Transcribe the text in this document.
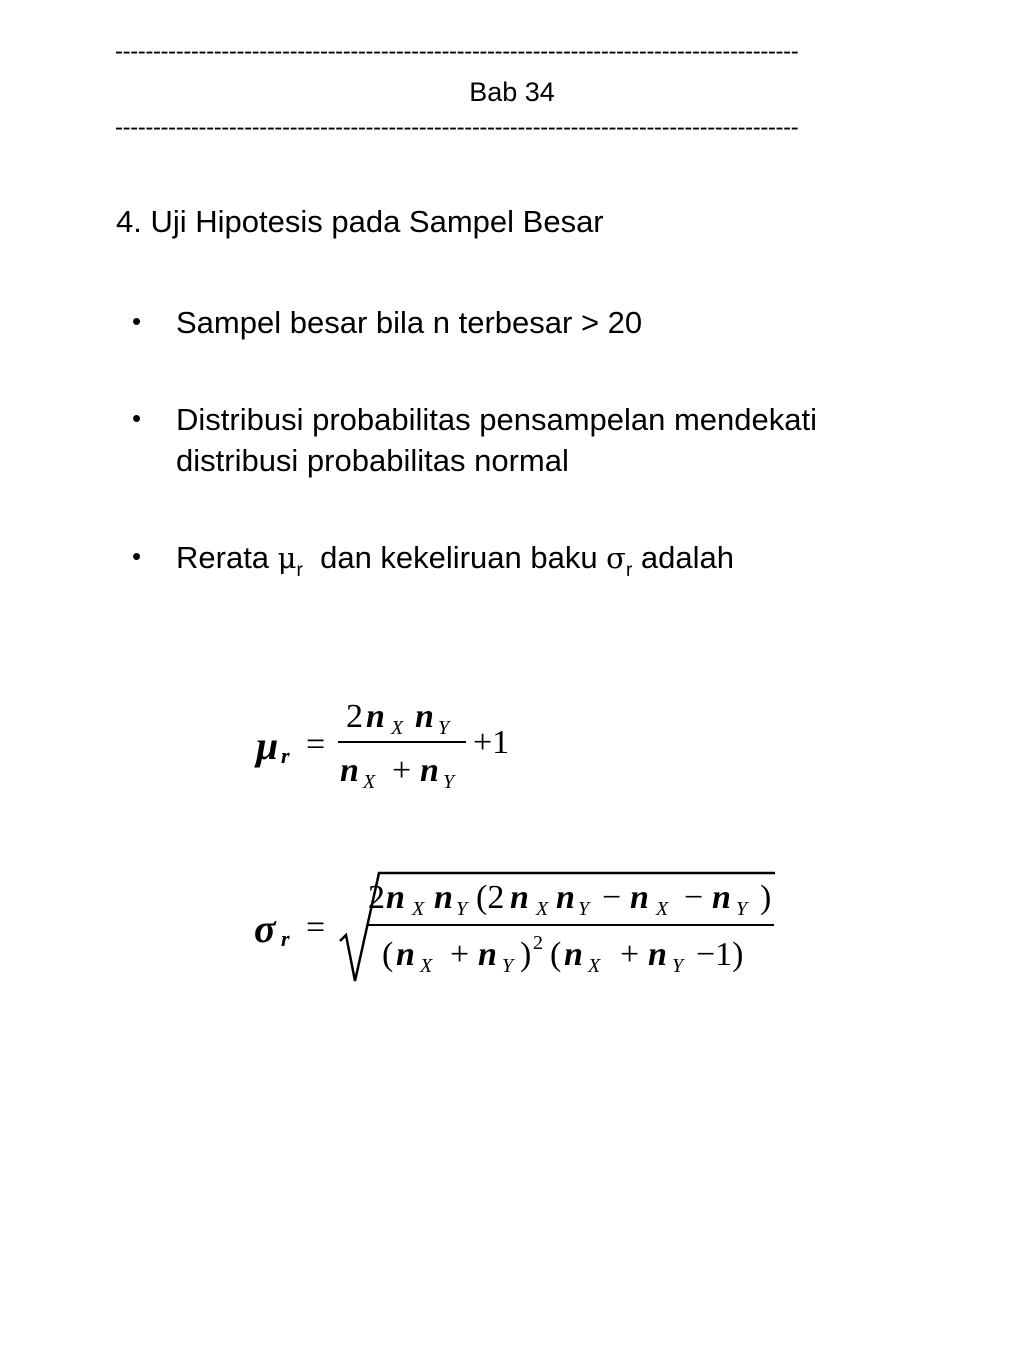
------------------------------------------------------------------------------------------
Bab 34
------------------------------------------------------------------------------------------
4. Uji Hipotesis pada Sampel Besar
• Sampel besar bila n terbesar > 20
• Distribusi probabilitas pensampelan mendekati
distribusi probabilitas normal
• Rerata $\mu_r$  dan kekeliruan baku $\sigma_r$ adalah
μ r =
2 n X n Y
n X + n Y
+1
σ r =
2 n X n Y (2 n X n Y − n X − n Y )
( n X + n Y ) 2 ( n X + n Y −1)
